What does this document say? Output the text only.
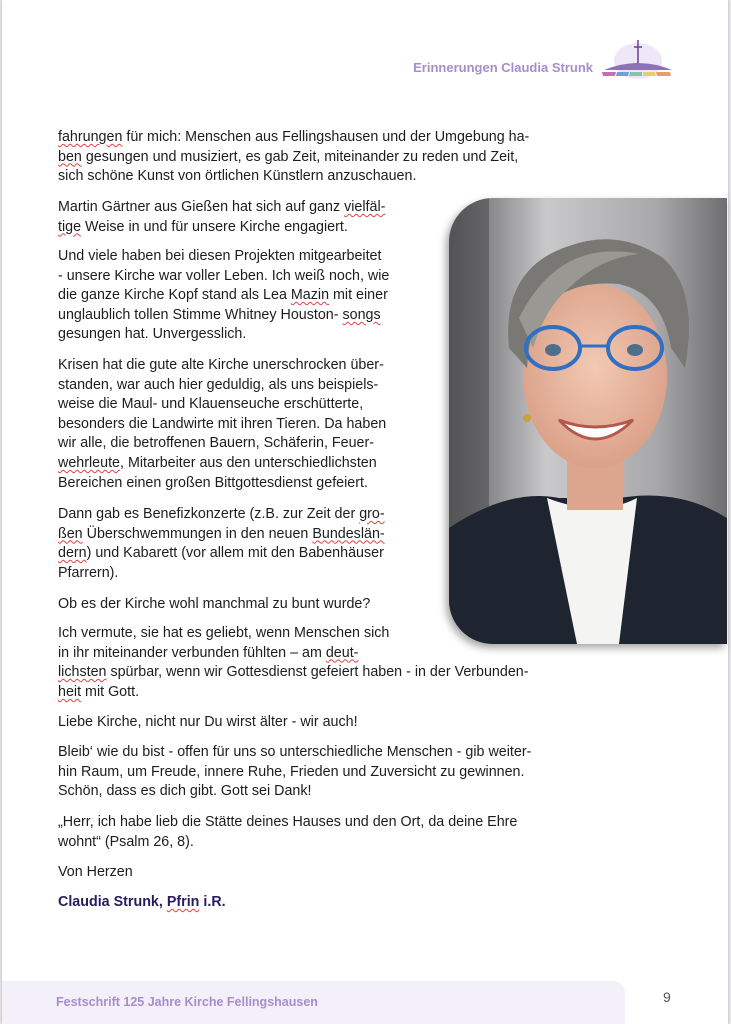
Erinnerungen Claudia Strunk

fahrungen für mich: Menschen aus Fellingshausen und der Umgebung ha-
ben gesungen und musiziert, es gab Zeit, miteinander zu reden und Zeit,
sich schöne Kunst von örtlichen Künstlern anzuschauen.

Martin Gärtner aus Gießen hat sich auf ganz vielfäl-
tige Weise in und für unsere Kirche engagiert.

Und viele haben bei diesen Projekten mitgearbeitet
- unsere Kirche war voller Leben. Ich weiß noch, wie
die ganze Kirche Kopf stand als Lea Mazin mit einer
unglaublich tollen Stimme Whitney Houston- songs
gesungen hat. Unvergesslich.

Krisen hat die gute alte Kirche unerschrocken über-
standen, war auch hier geduldig, als uns beispiels-
weise die Maul- und Klauenseuche erschütterte,
besonders die Landwirte mit ihren Tieren. Da haben
wir alle, die betroffenen Bauern, Schäferin, Feuer-
wehrleute, Mitarbeiter aus den unterschiedlichsten
Bereichen einen großen Bittgottesdienst gefeiert.

Dann gab es Benefizkonzerte (z.B. zur Zeit der gro-
ßen Überschwemmungen in den neuen Bundeslän-
dern) und Kabarett (vor allem mit den Babenhäuser
Pfarrern).

Ob es der Kirche wohl manchmal zu bunt wurde?

Ich vermute, sie hat es geliebt, wenn Menschen sich
in ihr miteinander verbunden fühlten – am deut-
lichsten spürbar, wenn wir Gottesdienst gefeiert haben - in der Verbunden-
heit mit Gott.

Liebe Kirche, nicht nur Du wirst älter - wir auch!

Bleib‘ wie du bist - offen für uns so unterschiedliche Menschen - gib weiter-
hin Raum, um Freude, innere Ruhe, Frieden und Zuversicht zu gewinnen.
Schön, dass es dich gibt. Gott sei Dank!

„Herr, ich habe lieb die Stätte deines Hauses und den Ort, da deine Ehre
wohnt“ (Psalm 26, 8).

Von Herzen

Claudia Strunk, Pfrin i.R.

Festschrift 125 Jahre Kirche Fellingshausen	9
